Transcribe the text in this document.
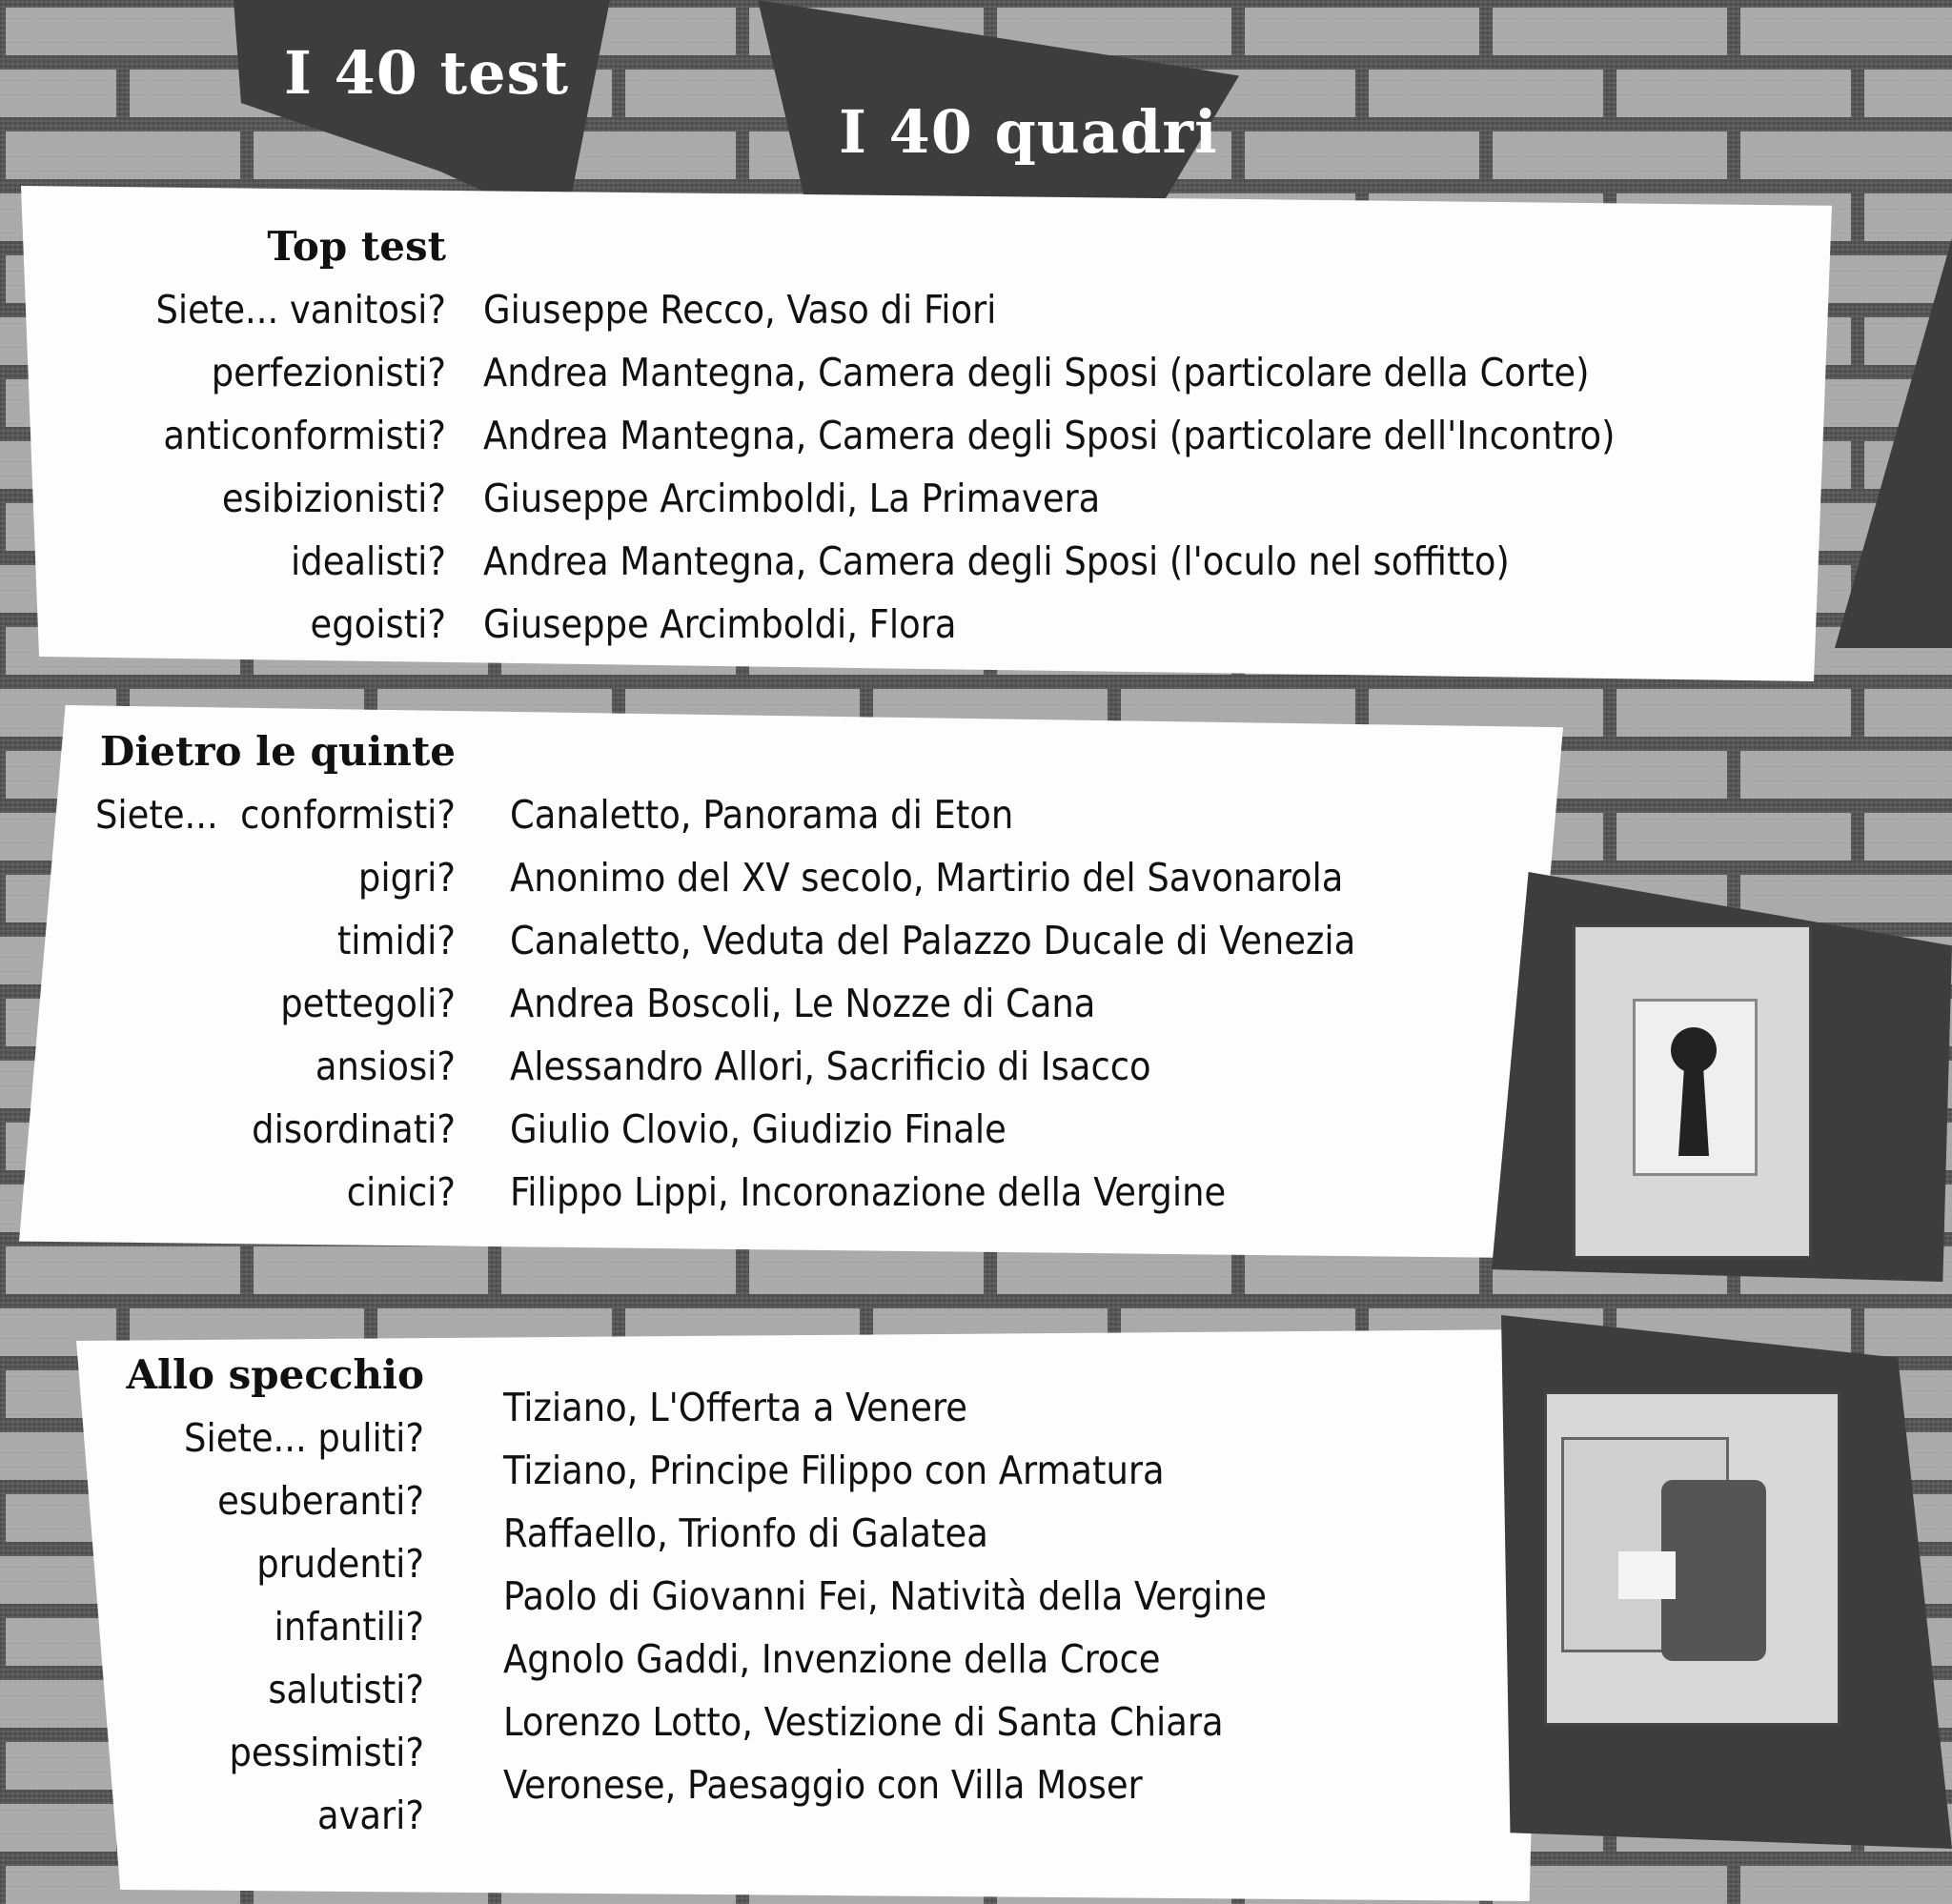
I 40 test
I 40 quadri
Top test
Siete... vanitosi?
perfezionisti?
anticonformisti?
esibizionisti?
idealisti?
egoisti?
Giuseppe Recco, Vaso di Fiori
Andrea Mantegna, Camera degli Sposi (particolare della Corte)
Andrea Mantegna, Camera degli Sposi (particolare dell'Incontro)
Giuseppe Arcimboldi, La Primavera
Andrea Mantegna, Camera degli Sposi (l'oculo nel soffitto)
Giuseppe Arcimboldi, Flora
Dietro le quinte
Siete... conformisti?
pigri?
timidi?
pettegoli?
ansiosi?
disordinati?
cinici?
Canaletto, Panorama di Eton
Anonimo del XV secolo, Martirio del Savonarola
Canaletto, Veduta del Palazzo Ducale di Venezia
Andrea Boscoli, Le Nozze di Cana
Alessandro Allori, Sacrificio di Isacco
Giulio Clovio, Giudizio Finale
Filippo Lippi, Incoronazione della Vergine
Allo specchio
Siete... puliti?
esuberanti?
prudenti?
infantili?
salutisti?
pessimisti?
avari?
Tiziano, L'Offerta a Venere
Tiziano, Principe Filippo con Armatura
Raffaello, Trionfo di Galatea
Paolo di Giovanni Fei, Natività della Vergine
Agnolo Gaddi, Invenzione della Croce
Lorenzo Lotto, Vestizione di Santa Chiara
Veronese, Paesaggio con Villa Moser
